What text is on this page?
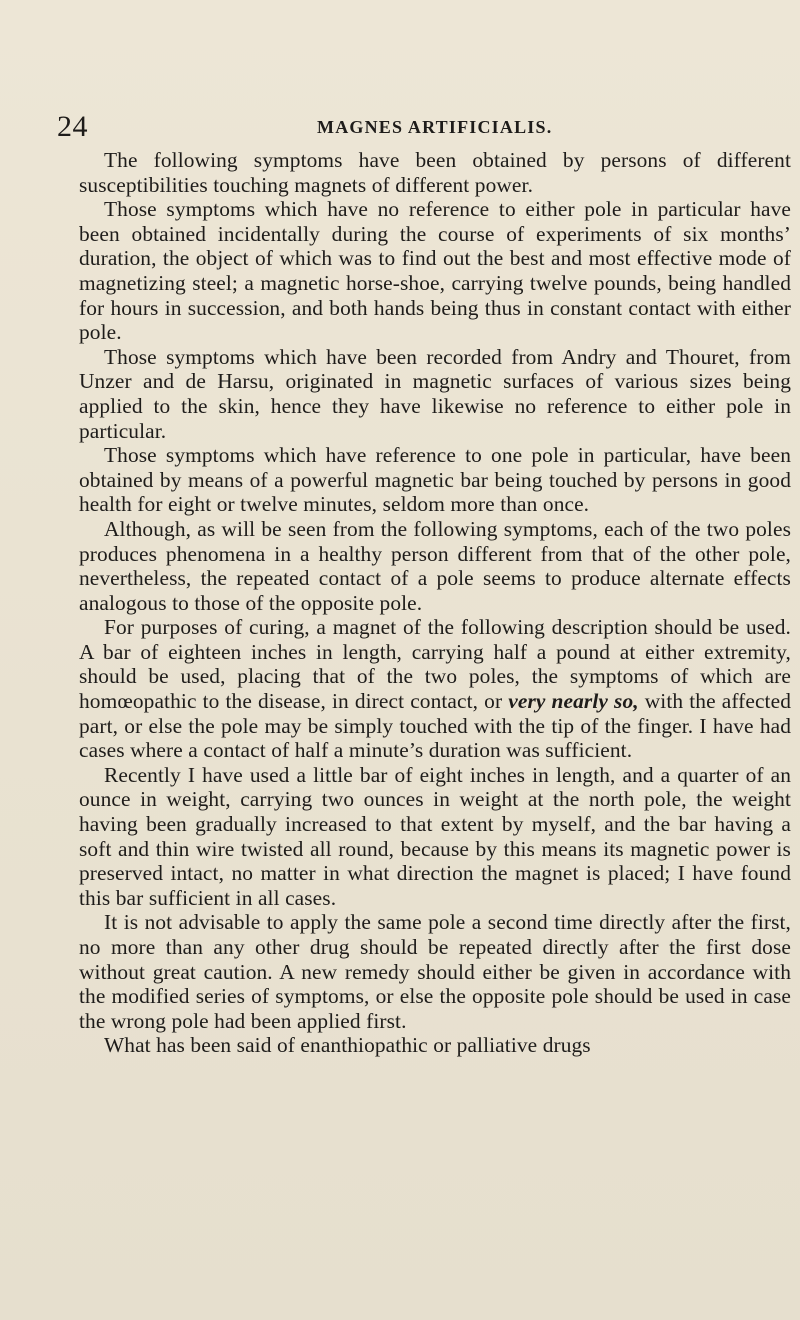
24	MAGNES ARTIFICIALIS.

The following symptoms have been obtained by persons of different susceptibilities touching magnets of different power.

Those symptoms which have no reference to either pole in particular have been obtained incidentally during the course of experiments of six months’ duration, the object of which was to find out the best and most effective mode of magnetizing steel; a magnetic horse-shoe, carrying twelve pounds, being handled for hours in succession, and both hands being thus in constant contact with either pole.

Those symptoms which have been recorded from Andry and Thouret, from Unzer and de Harsu, originated in magnetic surfaces of various sizes being applied to the skin, hence they have likewise no reference to either pole in particular.

Those symptoms which have reference to one pole in particular, have been obtained by means of a powerful magnetic bar being touched by persons in good health for eight or twelve minutes, seldom more than once.

Although, as will be seen from the following symptoms, each of the two poles produces phenomena in a healthy person different from that of the other pole, nevertheless, the repeated contact of a pole seems to produce alternate effects analogous to those of the opposite pole.

For purposes of curing, a magnet of the following description should be used. A bar of eighteen inches in length, carrying half a pound at either extremity, should be used, placing that of the two poles, the symptoms of which are homœopathic to the disease, in direct contact, or very nearly so, with the affected part, or else the pole may be simply touched with the tip of the finger. I have had cases where a contact of half a minute’s duration was sufficient.

Recently I have used a little bar of eight inches in length, and a quarter of an ounce in weight, carrying two ounces in weight at the north pole, the weight having been gradually increased to that extent by myself, and the bar having a soft and thin wire twisted all round, because by this means its magnetic power is preserved intact, no matter in what direction the magnet is placed; I have found this bar sufficient in all cases.

It is not advisable to apply the same pole a second time directly after the first, no more than any other drug should be repeated directly after the first dose without great caution. A new remedy should either be given in accordance with the modified series of symptoms, or else the opposite pole should be used in case the wrong pole had been applied first.

What has been said of enanthiopathic or palliative drugs
